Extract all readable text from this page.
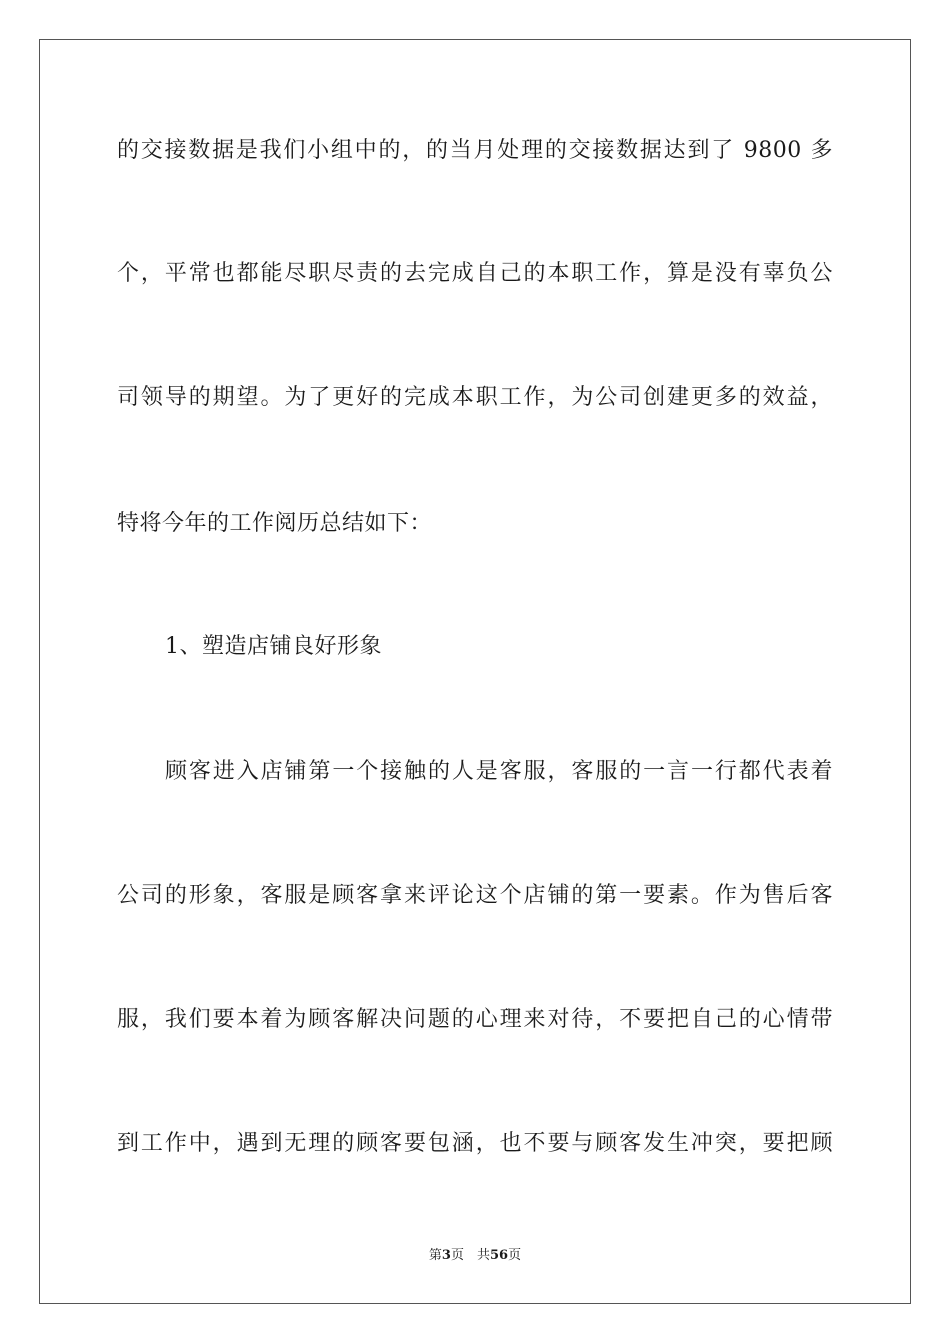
的交接数据是我们小组中的，的当月处理的交接数据达到了 9800 多
个，平常也都能尽职尽责的去完成自己的本职工作，算是没有辜负公
司领导的期望。为了更好的完成本职工作，为公司创建更多的效益，
特将今年的工作阅历总结如下：
1、塑造店铺良好形象
顾客进入店铺第一个接触的人是客服，客服的一言一行都代表着
公司的形象，客服是顾客拿来评论这个店铺的第一要素。作为售后客
服，我们要本着为顾客解决问题的心理来对待，不要把自己的心情带
到工作中，遇到无理的顾客要包涵，也不要与顾客发生冲突，要把顾
第3页　共56页
